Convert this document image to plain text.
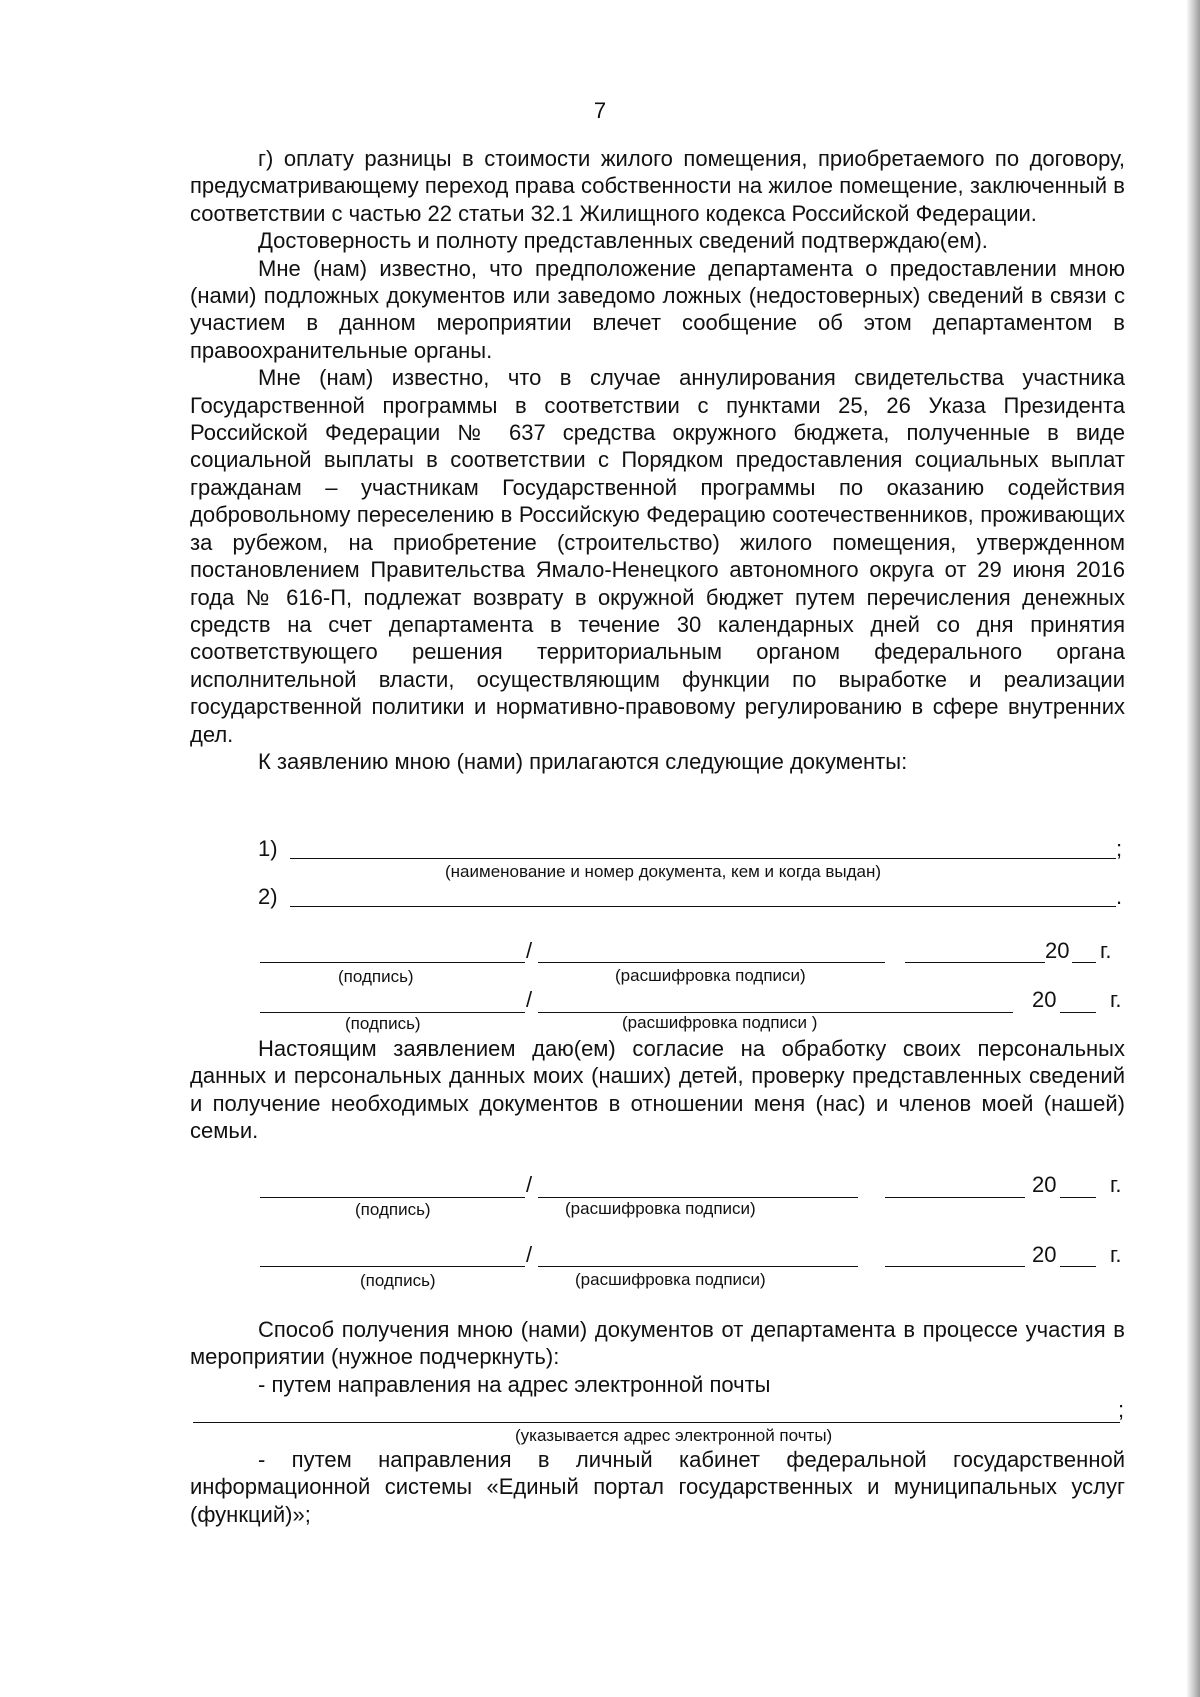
7

г) оплату разницы в стоимости жилого помещения, приобретаемого по договору, предусматривающему переход права собственности на жилое помещение, заключенный в соответствии с частью 22 статьи 32.1 Жилищного кодекса Российской Федерации.

Достоверность и полноту представленных сведений подтверждаю(ем).

Мне (нам) известно, что предположение департамента о предоставлении мною (нами) подложных документов или заведомо ложных (недостоверных) сведений в связи с участием в данном мероприятии влечет сообщение об этом департаментом в правоохранительные органы.

Мне (нам) известно, что в случае аннулирования свидетельства участника Государственной программы в соответствии с пунктами 25, 26 Указа Президента Российской Федерации № 637 средства окружного бюджета, полученные в виде социальной выплаты в соответствии с Порядком предоставления социальных выплат гражданам – участникам Государственной программы по оказанию содействия добровольному переселению в Российскую Федерацию соотечественников, проживающих за рубежом, на приобретение (строительство) жилого помещения, утвержденном постановлением Правительства Ямало-Ненецкого автономного округа от 29 июня 2016 года № 616-П, подлежат возврату в окружной бюджет путем перечисления денежных средств на счет департамента в течение 30 календарных дней со дня принятия соответствующего решения территориальным органом федерального органа исполнительной власти, осуществляющим функции по выработке и реализации государственной политики и нормативно-правовому регулированию в сфере внутренних дел.

К заявлению мною (нами) прилагаются следующие документы:

1)	;
(наименование и номер документа, кем и когда выдан)
2)	.
/	20 г.
(подпись)	(расшифровка подписи)
/	20 г.
(подпись)	(расшифровка подписи )

Настоящим заявлением даю(ем) согласие на обработку своих персональных данных и персональных данных моих (наших) детей, проверку представленных сведений и получение необходимых документов в отношении меня (нас) и членов моей (нашей) семьи.

/	20 г.
(подпись)	(расшифровка подписи)
/	20 г.
(подпись)	(расшифровка подписи)

Способ получения мною (нами) документов от департамента в процессе участия в мероприятии (нужное подчеркнуть):

- путем направления на адрес электронной почты

;
(указывается адрес электронной почты)

- путем направления в личный кабинет федеральной государственной информационной системы «Единый портал государственных и муниципальных услуг (функций)»;
